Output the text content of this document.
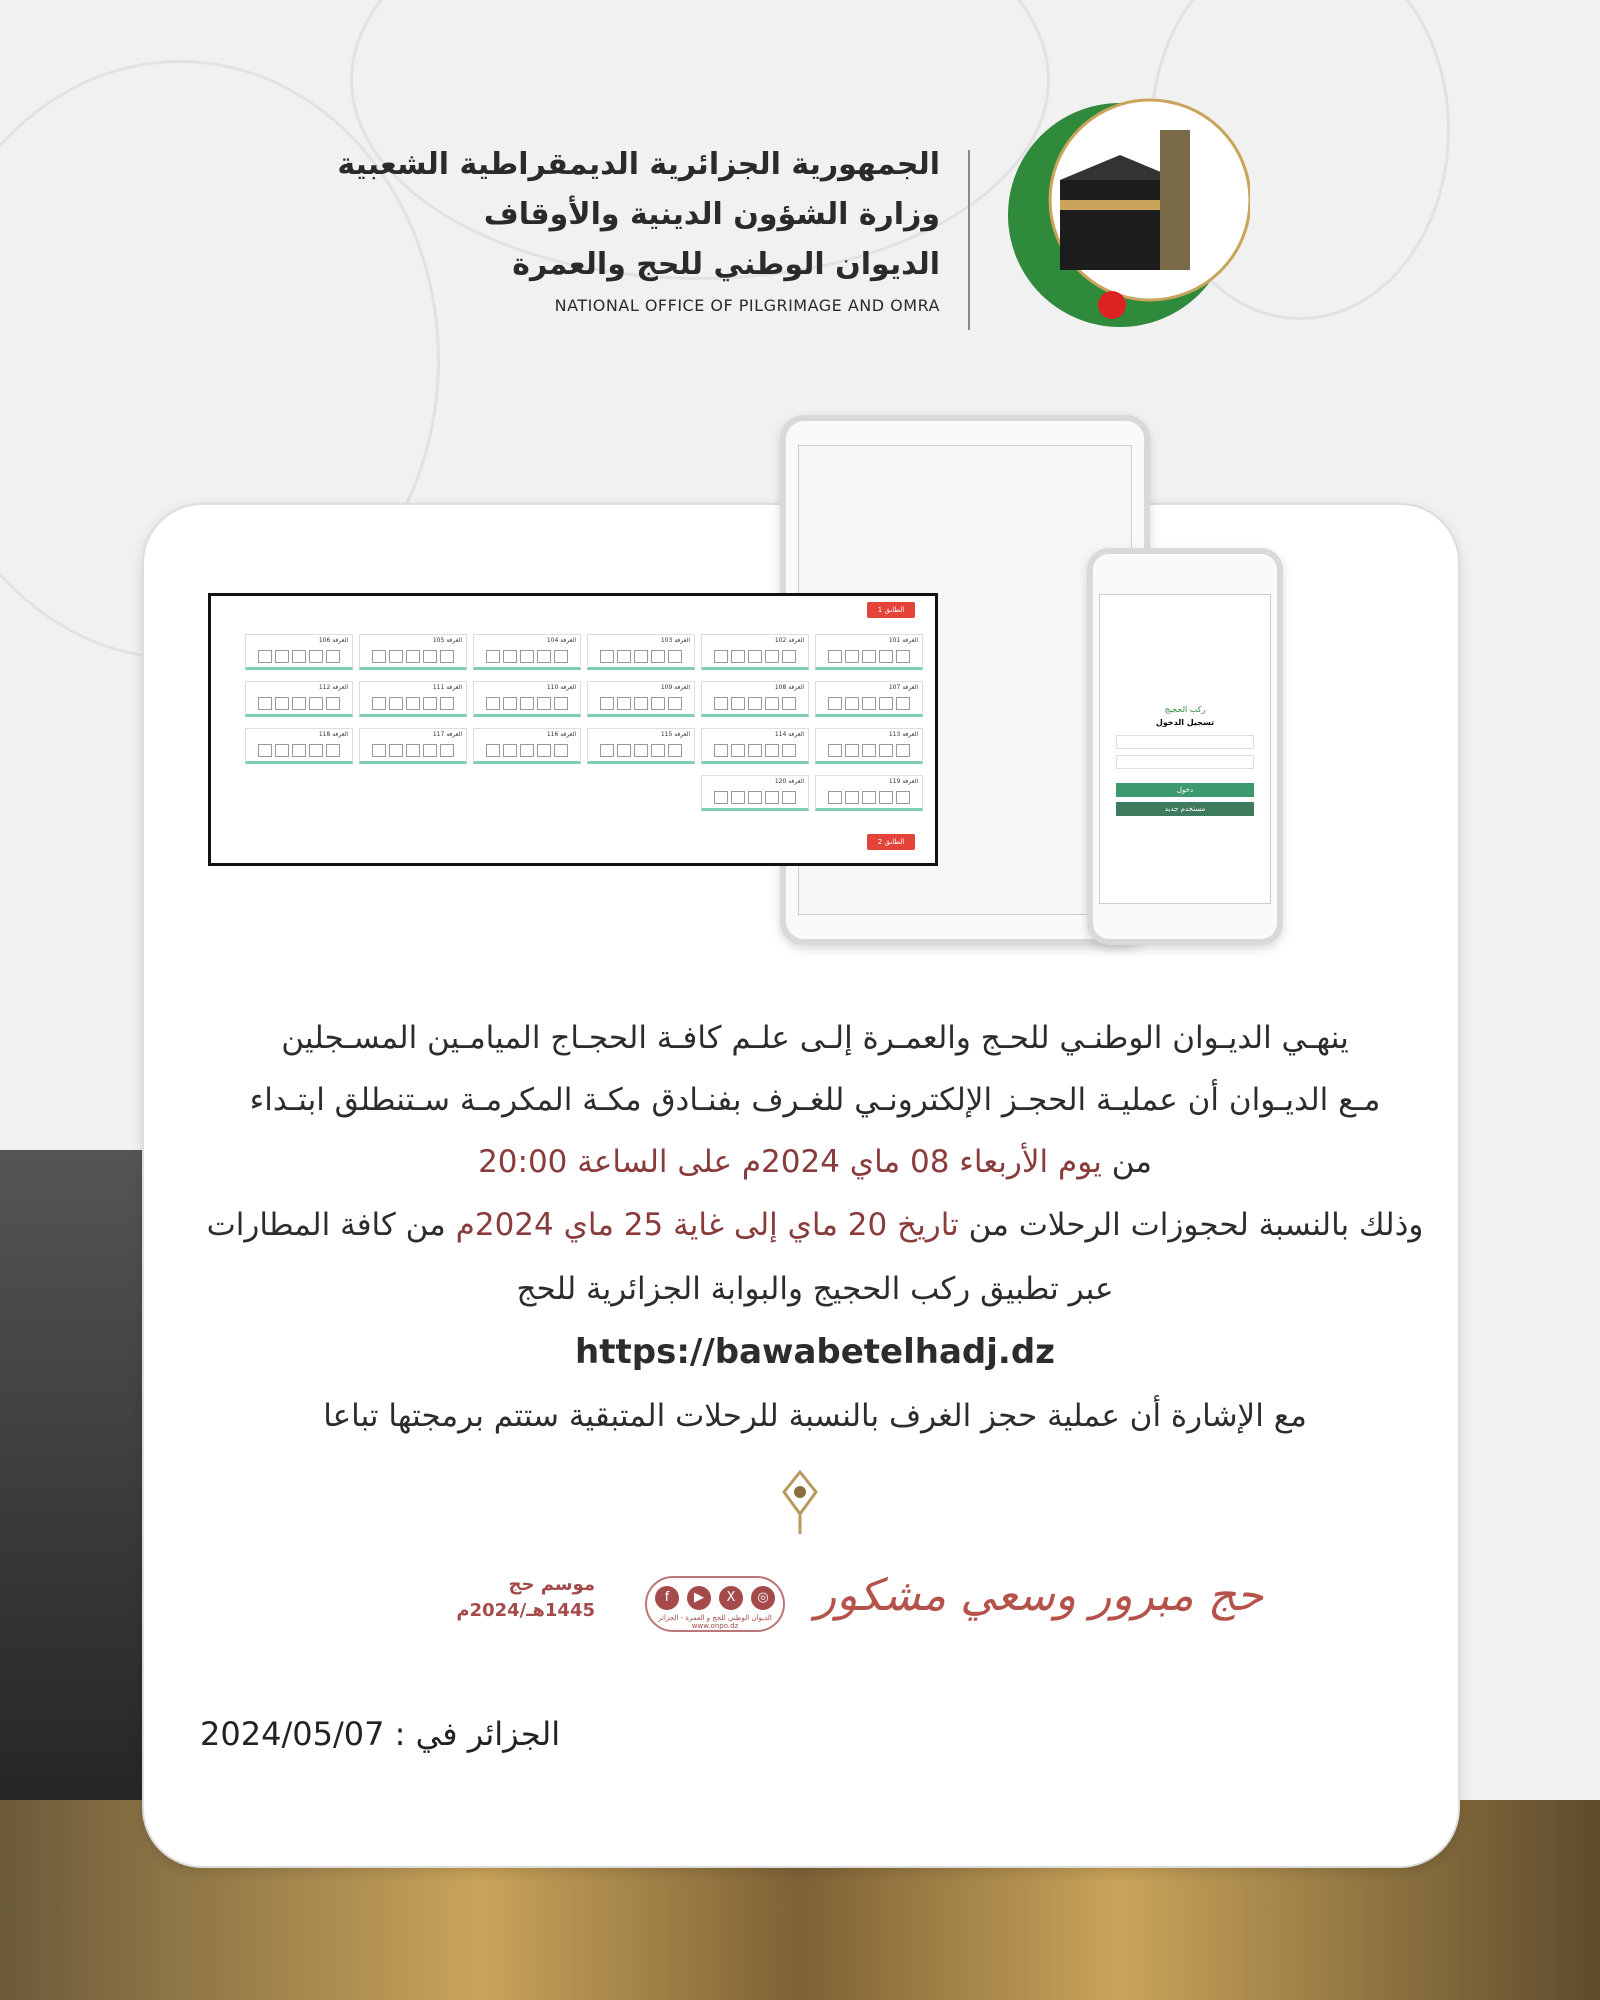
الجمهورية الجزائرية الديمقراطية الشعبية
وزارة الشؤون الدينية والأوقاف
الديوان الوطني للحج والعمرة
NATIONAL OFFICE OF PILGRIMAGE AND OMRA
ركب الحجيج
تسجيل الدخول
دخول
مستخدم جديد
الطابق 1
الطابق 2
الغرفة 101
الغرفة 102
الغرفة 103
الغرفة 104
الغرفة 105
الغرفة 106
الغرفة 107
الغرفة 108
الغرفة 109
الغرفة 110
الغرفة 111
الغرفة 112
الغرفة 113
الغرفة 114
الغرفة 115
الغرفة 116
الغرفة 117
الغرفة 118
الغرفة 119
الغرفة 120
ينهـي الديـوان الوطنـي للحـج والعمـرة إلـى علـم كافـة الحجـاج الميامـين المسـجلين
مـع الديـوان أن عمليـة الحجـز الإلكترونـي للغـرف بفنـادق مكـة المكرمـة سـتنطلق ابتـداء
من يوم الأربعاء 08 ماي 2024م على الساعة 20:00
وذلك بالنسبة لحجوزات الرحلات من تاريخ 20 ماي إلى غاية 25 ماي 2024م من كافة المطارات
عبر تطبيق ركب الحجيج والبوابة الجزائرية للحج
https://bawabetelhadj.dz
مع الإشارة أن عملية حجز الغرف بالنسبة للرحلات المتبقية ستتم برمجتها تباعا
موسم حج
1445هـ/2024م
f	▶	X	◎
الديوان الوطني للحج و العمرة - الجزائر
www.onpo.dz
حج مبرور وسعي مشكور
الجزائر في : 2024/05/07
